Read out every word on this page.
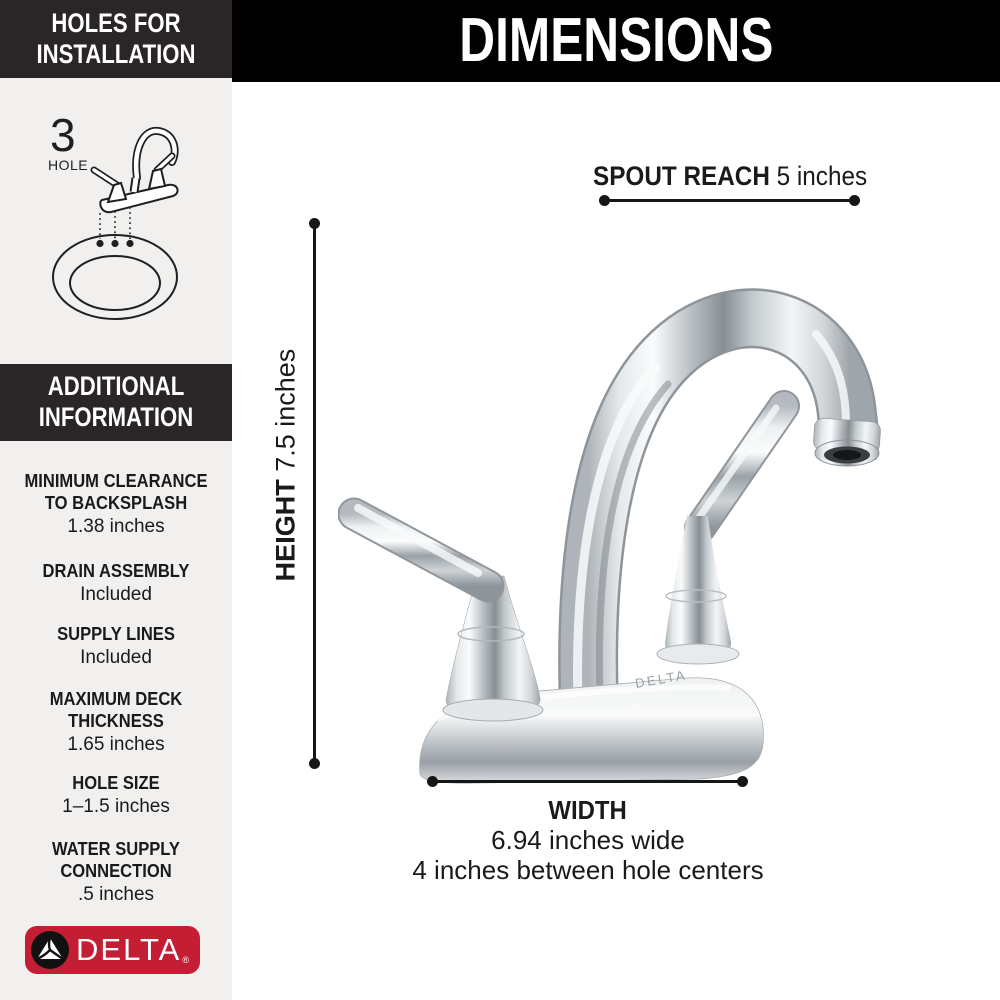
HOLES FOR
INSTALLATION
3
HOLE
ADDITIONAL
INFORMATION
MINIMUM CLEARANCE TO BACKSPLASH
1.38 inches
DRAIN ASSEMBLY
Included
SUPPLY LINES
Included
MAXIMUM DECK THICKNESS
1.65 inches
HOLE SIZE
1–1.5 inches
WATER SUPPLY CONNECTION
.5 inches
DELTA ®
DIMENSIONS
SPOUT REACH 5 inches
HEIGHT 7.5 inches
DELTA
WIDTH
6.94 inches wide
4 inches between hole centers
